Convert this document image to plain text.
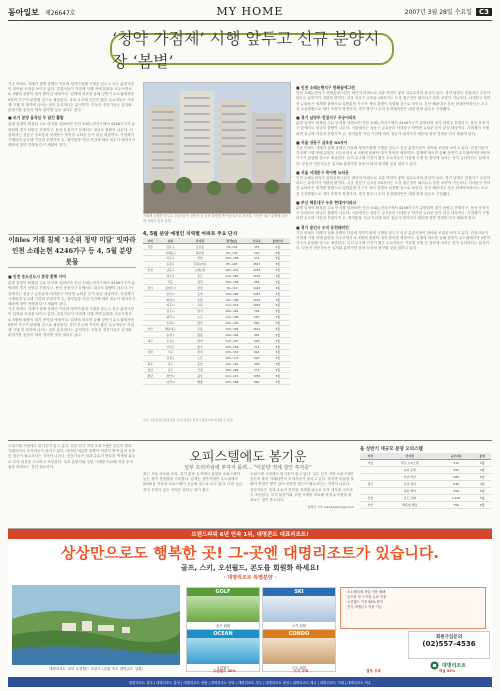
동아일보 제26647호	MY HOME	2007년 3월 28일 수요일	C3
‘청약 가점제’ 시행 앞두고 신규 분양시장 ‘봄볕’
기존 아파트 거래가 침체 상태인 가운데 청약가점제 시행을 앞두고 신규 분양시장이 살아날 조짐을 보이고 있다. 건설사들이 가점제 시행 전에 분양을 서두르면서 4, 5월에 물량이 대거 쏟아질 예정이다. 업계에 따르면 올해 상반기 수도권에서만 5만여 가구가 분양될 것으로 예상된다. 특히 무주택 기간이 짧은 수요자들은 가점제 시행 전 청약에 나서는 것이 유리하다는 분석이다. 부동산 전문가들은 입지와 분양가를 꼼꼼히 따져 청약할 것을 권하고 있다.
■ 조기 분양 움직임 두 달간 활발
분양 일정이 확정된 주요 단지를 살펴보면 인천 소래논현지구에서 4246가구가 분양되며 경기 남양주 진접지구, 용인 동천지구 등에서도 대규모 물량이 나온다. 서울에서는 성동구 금호동과 서대문구 북아현 뉴타운 등이 관심 대상이다. 가점제가 시행되면 무주택 기간과 부양가족 수, 청약통장 가입 기간에 따라 점수가 매겨지기 때문에 청약 전략을 다시 세워야 한다.
이files 거래 침체 ‘1순위 청약 미달’ 잇따라
인천 소래논현 4246가구 등 4, 5월 분양 봇물
■ 인천 송도신도시 분양 흥행 이어
분양 일정이 확정된 주요 단지를 살펴보면 인천 소래논현지구에서 4246가구가 분양되며 경기 남양주 진접지구, 용인 동천지구 등에서도 대규모 물량이 나온다. 서울에서는 성동구 금호동과 서대문구 북아현 뉴타운 등이 관심 대상이다. 가점제가 시행되면 무주택 기간과 부양가족 수, 청약통장 가입 기간에 따라 점수가 매겨지기 때문에 청약 전략을 다시 세워야 한다.
기존 아파트 거래가 침체 상태인 가운데 청약가점제 시행을 앞두고 신규 분양시장이 살아날 조짐을 보이고 있다. 건설사들이 가점제 시행 전에 분양을 서두르면서 4, 5월에 물량이 대거 쏟아질 예정이다. 업계에 따르면 올해 상반기 수도권에서만 5만여 가구가 분양될 것으로 예상된다. 특히 무주택 기간이 짧은 수요자들은 가점제 시행 전 청약에 나서는 것이 유리하다는 분석이다. 부동산 전문가들은 입지와 분양가를 꼼꼼히 따져 청약할 것을 권하고 있다.
가점제 시행을 앞두고 건설사들이 상반기 중 분양 물량을 쏟아낼 것으로 보인다. 사진은 최근 분양에 나선 한 아파트 단지 전경.
4, 5월 분양 예정인 지역별 아파트 주요 단지
지역	위치	단지명	면적(㎡)	가구수	분양시기
서울	성동구	금호동	79~152	375	4월
	서대문구	북아현	82~145	242	5월
	마포구	상암	109~158	331	5월
	은평구	은평뉴타운	85~165	2817	5월
인천	남동구	소래논현	105~231	4246	4월
	연수구	송도	112~264	1140	4월
	서구	청라	109~198	884	5월
경기	남양주시	진접	79~112	1420	4월
	용인시	동천	109~185	2393	4월
	화성시	동탄	102~188	1016	5월
	파주시	교하	112~215	1082	5월
	김포시	장기	109~181	706	5월
	광주시	오포	112~198	550	4월
	수원시	권선	105~145	892	5월
부산	해운대구	우동	132~309	1631	4월
	동래구	명륜	109~184	445	5월
대구	수성구	범어	115~247	696	4월
	달서구	월성	105~168	512	5월
대전	서구	관저	105~152	904	5월
	유성구	노은	109~172	620	4월
광주	북구	운암	105~165	448	5월
울산	남구	신정	109~182	373	4월
충남	천안시	불당	112~215	1056	5월
	아산시	배방	105~168	860	4월
자료: 부동산정보업체 종합 (분양 일정은 업체 사정에 따라 변경될 수 있음)
■ 인천 소래논현지구 한화꿈에그린
인천 소래논현지구 한화꿈에그린은 대단지 아파트로 교통 여건이 좋아 실수요자의 관심이 높다. 경기 남양주 진접지구 주공아파트는 분양가가 저렴한 편이다. 서울 성동구 금호동 GS자이는 도심 접근성이 뛰어나고 한강 조망이 가능하다. 서대문구 북아현 뉴타운은 재개발 물량으로 일반분양 가구가 적어 경쟁이 치열할 것으로 보인다. 부산 해운대구 우동 현대아이파크는 초고층 주상복합으로 바다 조망이 장점이다. 경기 용인시 수지 동천래미안은 대형 평형 위주로 구성됐다.
■ 경기 남양주 진접지구 주공아파트
분양 일정이 확정된 주요 단지를 살펴보면 인천 소래논현지구에서 4246가구가 분양되며 경기 남양주 진접지구, 용인 동천지구 등에서도 대규모 물량이 나온다. 서울에서는 성동구 금호동과 서대문구 북아현 뉴타운 등이 관심 대상이다. 가점제가 시행되면 무주택 기간과 부양가족 수, 청약통장 가입 기간에 따라 점수가 매겨지기 때문에 청약 전략을 다시 세워야 한다.
■ 서울 성동구 금호동 GS자이
기존 아파트 거래가 침체 상태인 가운데 청약가점제 시행을 앞두고 신규 분양시장이 살아날 조짐을 보이고 있다. 건설사들이 가점제 시행 전에 분양을 서두르면서 4, 5월에 물량이 대거 쏟아질 예정이다. 업계에 따르면 올해 상반기 수도권에서만 5만여 가구가 분양될 것으로 예상된다. 특히 무주택 기간이 짧은 수요자들은 가점제 시행 전 청약에 나서는 것이 유리하다는 분석이다. 부동산 전문가들은 입지와 분양가를 꼼꼼히 따져 청약할 것을 권하고 있다.
■ 서울 서대문구 북아현 뉴타운
인천 소래논현지구 한화꿈에그린은 대단지 아파트로 교통 여건이 좋아 실수요자의 관심이 높다. 경기 남양주 진접지구 주공아파트는 분양가가 저렴한 편이다. 서울 성동구 금호동 GS자이는 도심 접근성이 뛰어나고 한강 조망이 가능하다. 서대문구 북아현 뉴타운은 재개발 물량으로 일반분양 가구가 적어 경쟁이 치열할 것으로 보인다. 부산 해운대구 우동 현대아이파크는 초고층 주상복합으로 바다 조망이 장점이다. 경기 용인시 수지 동천래미안은 대형 평형 위주로 구성됐다.
■ 부산 해운대구 우동 현대아이파크
분양 일정이 확정된 주요 단지를 살펴보면 인천 소래논현지구에서 4246가구가 분양되며 경기 남양주 진접지구, 용인 동천지구 등에서도 대규모 물량이 나온다. 서울에서는 성동구 금호동과 서대문구 북아현 뉴타운 등이 관심 대상이다. 가점제가 시행되면 무주택 기간과 부양가족 수, 청약통장 가입 기간에 따라 점수가 매겨지기 때문에 청약 전략을 다시 세워야 한다.
■ 경기 용인시 수지 동천래미안
기존 아파트 거래가 침체 상태인 가운데 청약가점제 시행을 앞두고 신규 분양시장이 살아날 조짐을 보이고 있다. 건설사들이 가점제 시행 전에 분양을 서두르면서 4, 5월에 물량이 대거 쏟아질 예정이다. 업계에 따르면 올해 상반기 수도권에서만 5만여 가구가 분양될 것으로 예상된다. 특히 무주택 기간이 짧은 수요자들은 가점제 시행 전 청약에 나서는 것이 유리하다는 분석이다. 부동산 전문가들은 입지와 분양가를 꼼꼼히 따져 청약할 것을 권하고 있다.
오피스텔 시장에도 봄기운이 돌고 있다. 일부 인기 지역 오피스텔은 웃돈이 붙어 거래되면서 투자자들이 몰리고 있다. 하지만 미분양 물량이 여전히 쌓여 있어 신중한 접근이 필요하다는 지적이 나온다. 전문가들은 임대 수요가 풍부한 역세권 위주로 투자 대상을 고르라고 조언한다. 특히 분양가와 주변 시세를 비교해 적정 수익률을 따져보는 것이 중요하다.
오피스텔에도 봄기운
일부 프리미엄에 투자자 몰려… “미분양 적체 감안 투자를”
최근 서울 마포와 송파, 경기 분당 등지에서 분양된 오피스텔이 높은 청약 경쟁률을 기록했다. 업계는 상반기에만 수도권에서 5000실 이상의 오피스텔이 공급될 것으로 보고 있다. 다만 공급 과잉 우려가 있는 지역은 피하는 것이 좋다.
오피스텔 시장에도 봄기운이 돌고 있다. 일부 인기 지역 오피스텔은 웃돈이 붙어 거래되면서 투자자들이 몰리고 있다. 하지만 미분양 물량이 여전히 쌓여 있어 신중한 접근이 필요하다는 지적이 나온다. 전문가들은 임대 수요가 풍부한 역세권 위주로 투자 대상을 고르라고 조언한다. 특히 분양가와 주변 시세를 비교해 적정 수익률을 따져보는 것이 중요하다.
정세진 기자 mint4a@donga.com
올 상반기 대규모 분양 오피스텔
지역	단지명	규모(실)	분양
서울	마포 오피스텔	512	4월
	송파 문정	420	4월
	강남 역삼	286	5월
경기	분당 정자	640	4월
	일산 백석	398	5월
인천	송도 국제	1,120	5월
부산	해운대 센텀	756	6월
브랜드파워 6년 연속 1위, 대명콘도 대표리조트!
상상만으로도 행복한 곳! 그-곳엔 대명리조트가 있습니다.
골프, 스키, 오션월드, 콘도를 회원화 하세요!
· 대명리조트 특별분양 ·
대명리조트 설악 오션월드 조감도 (강원 속초 대명콘도 일원)
GOLF
골프 회원
SKI
스키 회원
OCEAN
오션월드
CONDO
콘도 회원
· 소노펠리체 객실 이용 혜택
· 골프장 및 스키장 무료 이용
· 오션월드 이용 50% 할인
· 전국 대명콘도 이용 가능
회원가입문의
(02)557-4536
대명리조트
오션월드 50%	스키 무료	골프 무료	객실 50%
대명리조트 설악 | 대명리조트 홍천 | 대명리조트 양평 | 대명리조트 단양 | 대명리조트 경주 | 대명리조트 변산 | 대명리조트 제주 | 대명리조트 거제 | 대명리조트 여수
